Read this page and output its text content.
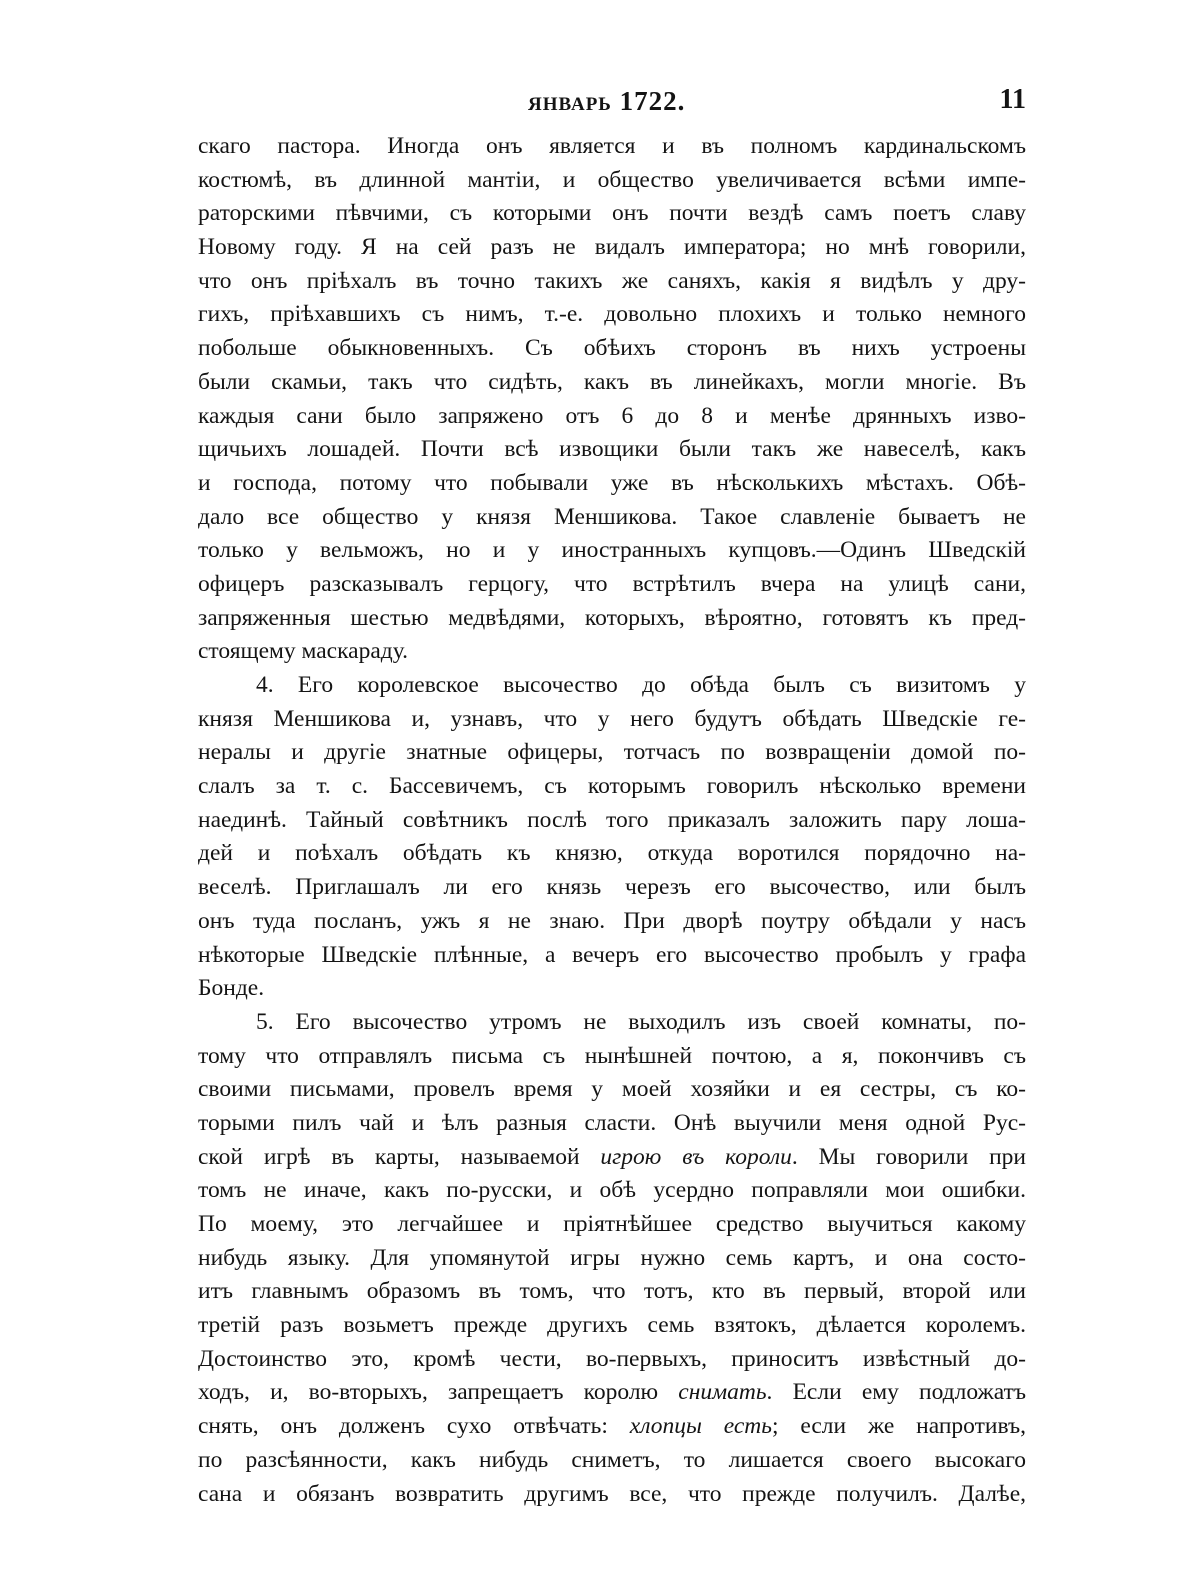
январь 1722.	11
скаго пастора. Иногда онъ является и въ полномъ кардинальскомъ
костюмѣ, въ длинной мантіи, и общество увеличивается всѣми импе-
раторскими пѣвчими, съ которыми онъ почти вездѣ самъ поетъ славу
Новому году. Я на сей разъ не видалъ императора; но мнѣ говорили,
что онъ пріѣхалъ въ точно такихъ же саняхъ, какія я видѣлъ у дру-
гихъ, пріѣхавшихъ съ нимъ, т.-е. довольно плохихъ и только немного
побольше обыкновенныхъ. Съ обѣихъ сторонъ въ нихъ устроены
были скамьи, такъ что сидѣть, какъ въ линейкахъ, могли многіе. Въ
каждыя сани было запряжено отъ 6 до 8 и менѣе дрянныхъ изво-
щичьихъ лошадей. Почти всѣ извощики были такъ же навеселѣ, какъ
и господа, потому что побывали уже въ нѣсколькихъ мѣстахъ. Обѣ-
дало все общество у князя Меншикова. Такое славленіе бываетъ не
только у вельможъ, но и у иностранныхъ купцовъ.—Одинъ Шведскій
офицеръ разсказывалъ герцогу, что встрѣтилъ вчера на улицѣ сани,
запряженныя шестью медвѣдями, которыхъ, вѣроятно, готовятъ къ пред-
стоящему маскараду.
4. Его королевское высочество до обѣда былъ съ визитомъ у
князя Меншикова и, узнавъ, что у него будутъ обѣдать Шведскіе ге-
нералы и другіе знатные офицеры, тотчасъ по возвращеніи домой по-
слалъ за т. с. Бассевичемъ, съ которымъ говорилъ нѣсколько времени
наединѣ. Тайный совѣтникъ послѣ того приказалъ заложить пару лоша-
дей и поѣхалъ обѣдать къ князю, откуда воротился порядочно на-
веселѣ. Приглашалъ ли его князь черезъ его высочество, или былъ
онъ туда посланъ, ужъ я не знаю. При дворѣ поутру обѣдали у насъ
нѣкоторые Шведскіе плѣнные, а вечеръ его высочество пробылъ у графа
Бонде.
5. Его высочество утромъ не выходилъ изъ своей комнаты, по-
тому что отправлялъ письма съ нынѣшней почтою, а я, покончивъ съ
своими письмами, провелъ время у моей хозяйки и ея сестры, съ ко-
торыми пилъ чай и ѣлъ разныя сласти. Онѣ выучили меня одной Рус-
ской игрѣ въ карты, называемой игрою въ короли. Мы говорили при
томъ не иначе, какъ по-русски, и обѣ усердно поправляли мои ошибки.
По моему, это легчайшее и пріятнѣйшее средство выучиться какому
нибудь языку. Для упомянутой игры нужно семь картъ, и она состо-
итъ главнымъ образомъ въ томъ, что тотъ, кто въ первый, второй или
третій разъ возьметъ прежде другихъ семь взятокъ, дѣлается королемъ.
Достоинство это, кромѣ чести, во-первыхъ, приноситъ извѣстный до-
ходъ, и, во-вторыхъ, запрещаетъ королю снимать. Если ему подложатъ
снять, онъ долженъ сухо отвѣчать: хлопцы есть; если же напротивъ,
по разсѣянности, какъ нибудь сниметъ, то лишается своего высокаго
сана и обязанъ возвратить другимъ все, что прежде получилъ. Далѣе,
